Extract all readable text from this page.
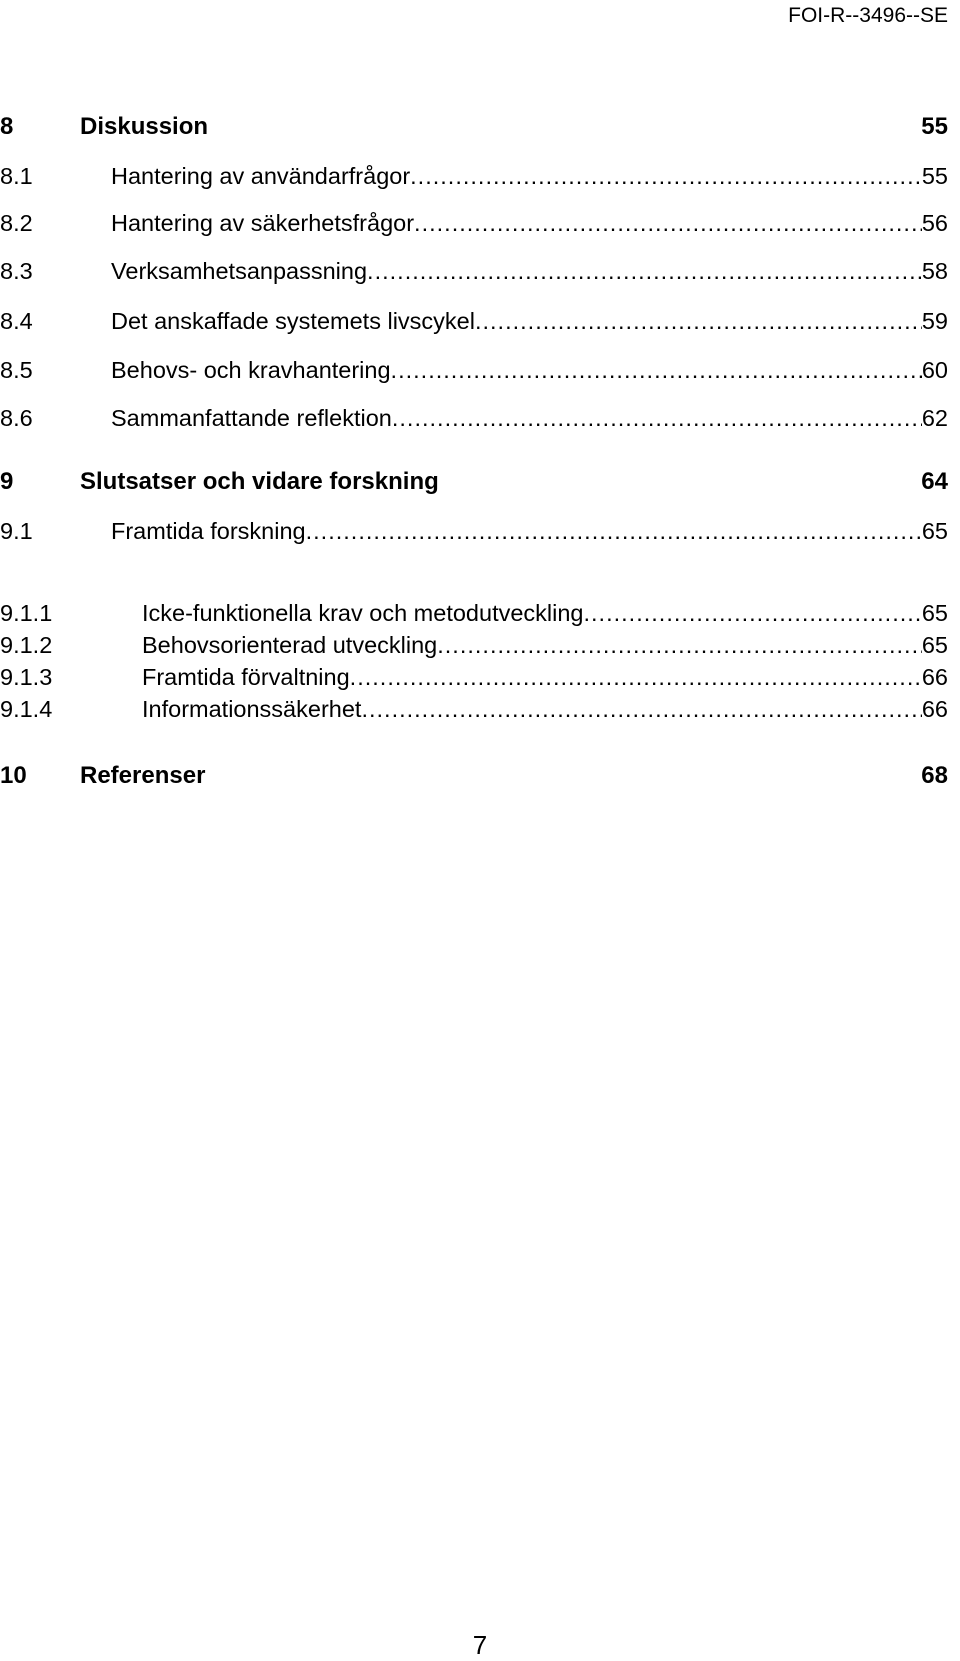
FOI-R--3496--SE
8	Diskussion	55
8.1	Hantering av användarfrågor .....	55
8.2	Hantering av säkerhetsfrågor .....	56
8.3	Verksamhetsanpassning .....	58
8.4	Det anskaffade systemets livscykel .....	59
8.5	Behovs- och kravhantering .....	60
8.6	Sammanfattande reflektion .....	62
9	Slutsatser och vidare forskning	64
9.1	Framtida forskning .....	65
9.1.1	Icke-funktionella krav och metodutveckling .....	65
9.1.2	Behovsorienterad utveckling .....	65
9.1.3	Framtida förvaltning .....	66
9.1.4	Informationssäkerhet .....	66
10	Referenser	68
7
